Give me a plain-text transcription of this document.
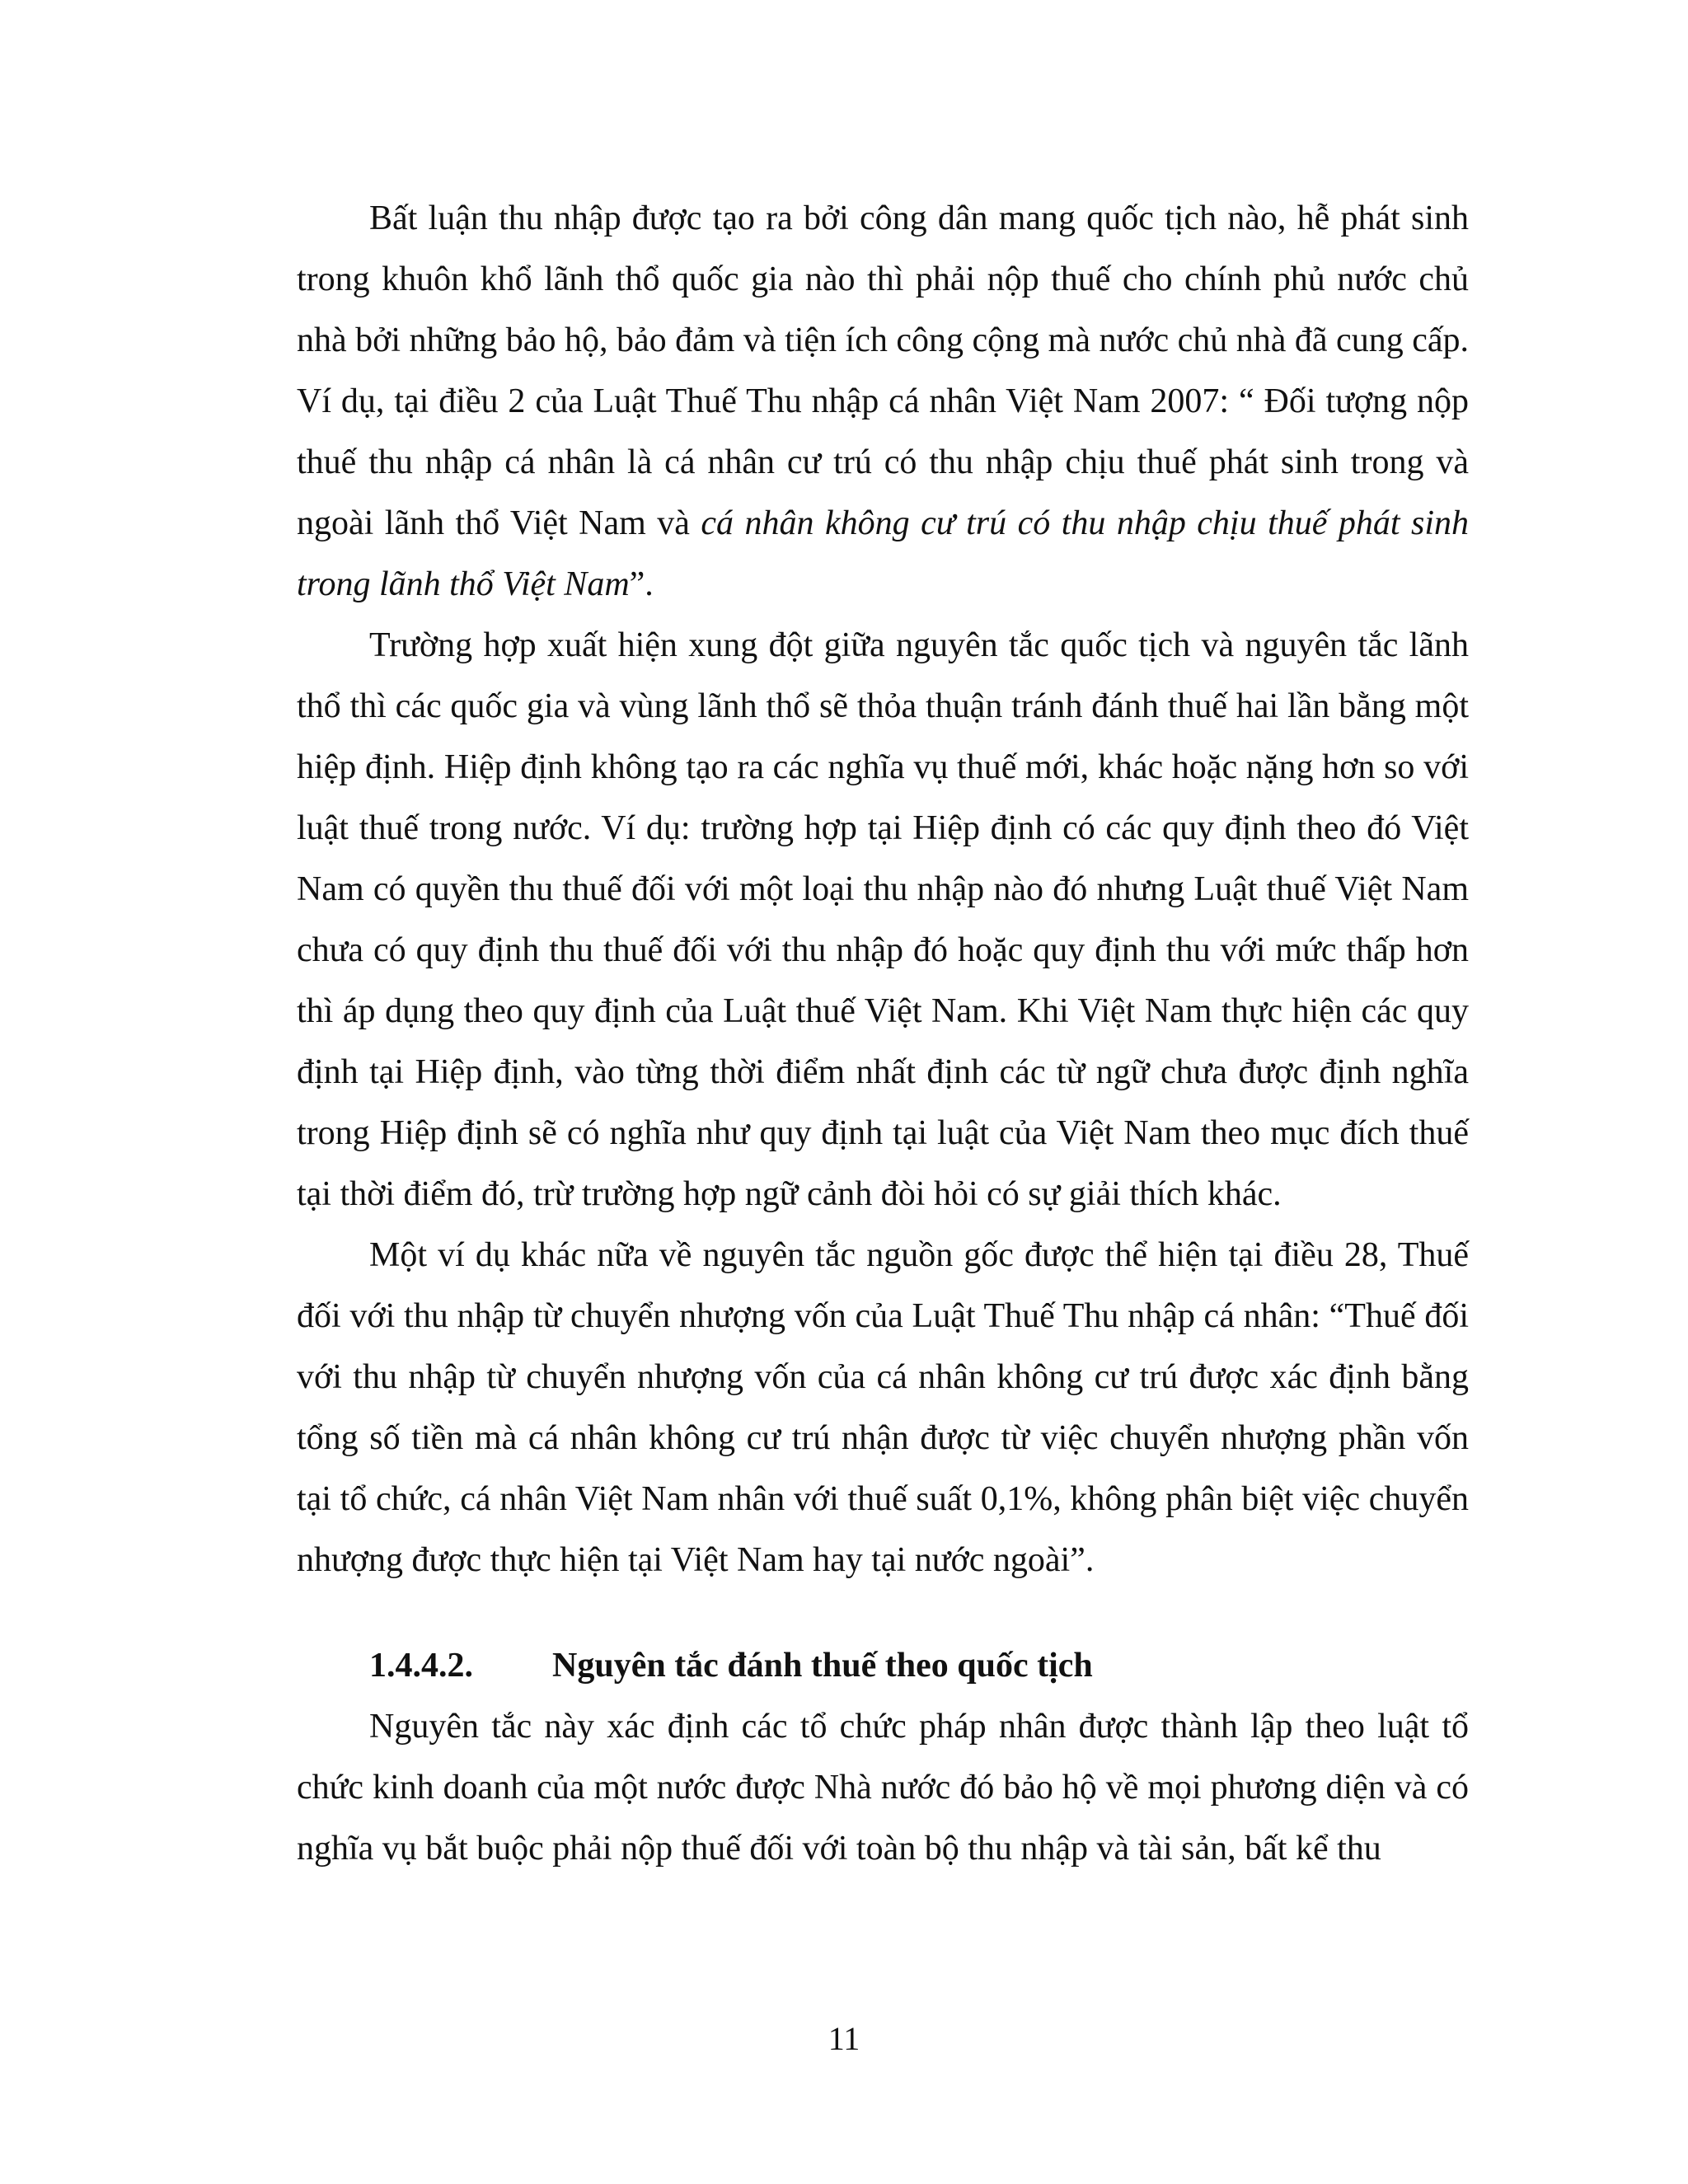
Bất luận thu nhập được tạo ra bởi công dân mang quốc tịch nào, hễ phát sinh trong khuôn khổ lãnh thổ quốc gia nào thì phải nộp thuế cho chính phủ nước chủ nhà bởi những bảo hộ, bảo đảm và tiện ích công cộng mà nước chủ nhà đã cung cấp. Ví dụ, tại điều 2 của Luật Thuế Thu nhập cá nhân Việt Nam 2007: “ Đối tượng nộp thuế thu nhập cá nhân là cá nhân cư trú có thu nhập chịu thuế phát sinh trong và ngoài lãnh thổ Việt Nam và cá nhân không cư trú có thu nhập chịu thuế phát sinh trong lãnh thổ Việt Nam”.

Trường hợp xuất hiện xung đột giữa nguyên tắc quốc tịch và nguyên tắc lãnh thổ thì các quốc gia và vùng lãnh thổ sẽ thỏa thuận tránh đánh thuế hai lần bằng một hiệp định. Hiệp định không tạo ra các nghĩa vụ thuế mới, khác hoặc nặng hơn so với luật thuế trong nước. Ví dụ: trường hợp tại Hiệp định có các quy định theo đó Việt Nam có quyền thu thuế đối với một loại thu nhập nào đó nhưng Luật thuế Việt Nam chưa có quy định thu thuế đối với thu nhập đó hoặc quy định thu với mức thấp hơn thì áp dụng theo quy định của Luật thuế Việt Nam. Khi Việt Nam thực hiện các quy định tại Hiệp định, vào từng thời điểm nhất định các từ ngữ chưa được định nghĩa trong Hiệp định sẽ có nghĩa như quy định tại luật của Việt Nam theo mục đích thuế tại thời điểm đó, trừ trường hợp ngữ cảnh đòi hỏi có sự giải thích khác.

Một ví dụ khác nữa về nguyên tắc nguồn gốc được thể hiện tại điều 28, Thuế đối với thu nhập từ chuyển nhượng vốn của Luật Thuế Thu nhập cá nhân: “Thuế đối với thu nhập từ chuyển nhượng vốn của cá nhân không cư trú được xác định bằng tổng số tiền mà cá nhân không cư trú nhận được từ việc chuyển nhượng phần vốn tại tổ chức, cá nhân Việt Nam nhân với thuế suất 0,1%, không phân biệt việc chuyển nhượng được thực hiện tại Việt Nam hay tại nước ngoài”.

1.4.4.2.	Nguyên tắc đánh thuế theo quốc tịch

Nguyên tắc này xác định các tổ chức pháp nhân được thành lập theo luật tổ chức kinh doanh của một nước được Nhà nước đó bảo hộ về mọi phương diện và có nghĩa vụ bắt buộc phải nộp thuế đối với toàn bộ thu nhập và tài sản, bất kể thu

11
